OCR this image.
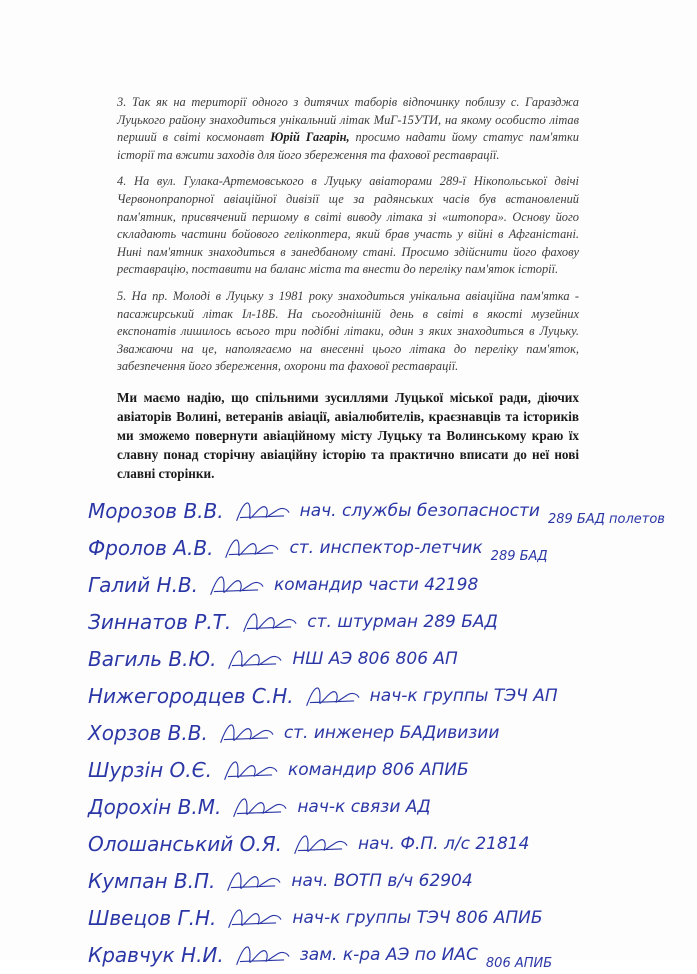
3. Так як на території одного з дитячих таборів відпочинку поблизу с. Гаразджа Луцького району знаходиться унікальний літак МиГ-15УТИ, на якому особисто літав перший в світі космонавт Юрій Гагарін, просимо надати йому статус пам'ятки історії та вжити заходів для його збереження та фахової реставрації.

4. На вул. Гулака-Артемовського в Луцьку авіаторами 289-ї Нікопольської двічі Червонопрапорної авіаційної дивізії ще за радянських часів був встановлений пам'ятник, присвячений першому в світі виводу літака зі «штопора». Основу його складають частини бойового гелікоптера, який брав участь у війні в Афганістані. Нині пам'ятник знаходиться в занедбаному стані. Просимо здійснити його фахову реставрацію, поставити на баланс міста та внести до переліку пам'яток історії.

5. На пр. Молоді в Луцьку з 1981 року знаходиться унікальна авіаційна пам'ятка - пасажирський літак Іл-18Б. На сьогоднішній день в світі в якості музейних експонатів лишилось всього три подібні літаки, один з яких знаходиться в Луцьку. Зважаючи на це, наполягаємо на внесенні цього літака до переліку пам'яток, забезпечення його збереження, охорони та фахової реставрації.

Ми маємо надію, що спільними зусиллями Луцької міської ради, діючих авіаторів Волині, ветеранів авіації, авіалюбителів, краєзнавців та істориків ми зможемо повернути авіаційному місту Луцьку та Волинському краю їх славну понад сторічну авіаційну історію та практично вписати до неї нові славні сторінки.

Морозов В.В.	нач. службы безопасности 289 БАД полетов
Фролов А.В.	ст. инспектор-летчик 289 БАД
Галий Н.В.	командир части 42198
Зиннатов Р.Т.	ст. штурман 289 БАД
Вагиль В.Ю.	НШ АЭ 806 806 АП
Нижегородцев С.Н.	нач-к группы ТЭЧ АП
Хорзов В.В.	ст. инженер БАДивизии
Шурзін О.Є.	командир 806 АПИБ
Дорохін В.М.	нач-к связи АД
Олошанський О.Я.	нач. Ф.П. л/с 21814
Кумпан В.П.	нач. ВОТП в/ч 62904
Швецов Г.Н.	нач-к группы ТЭЧ 806 АПИБ
Кравчук Н.И.	зам. к-ра АЭ по ИАС 806 АПИБ
